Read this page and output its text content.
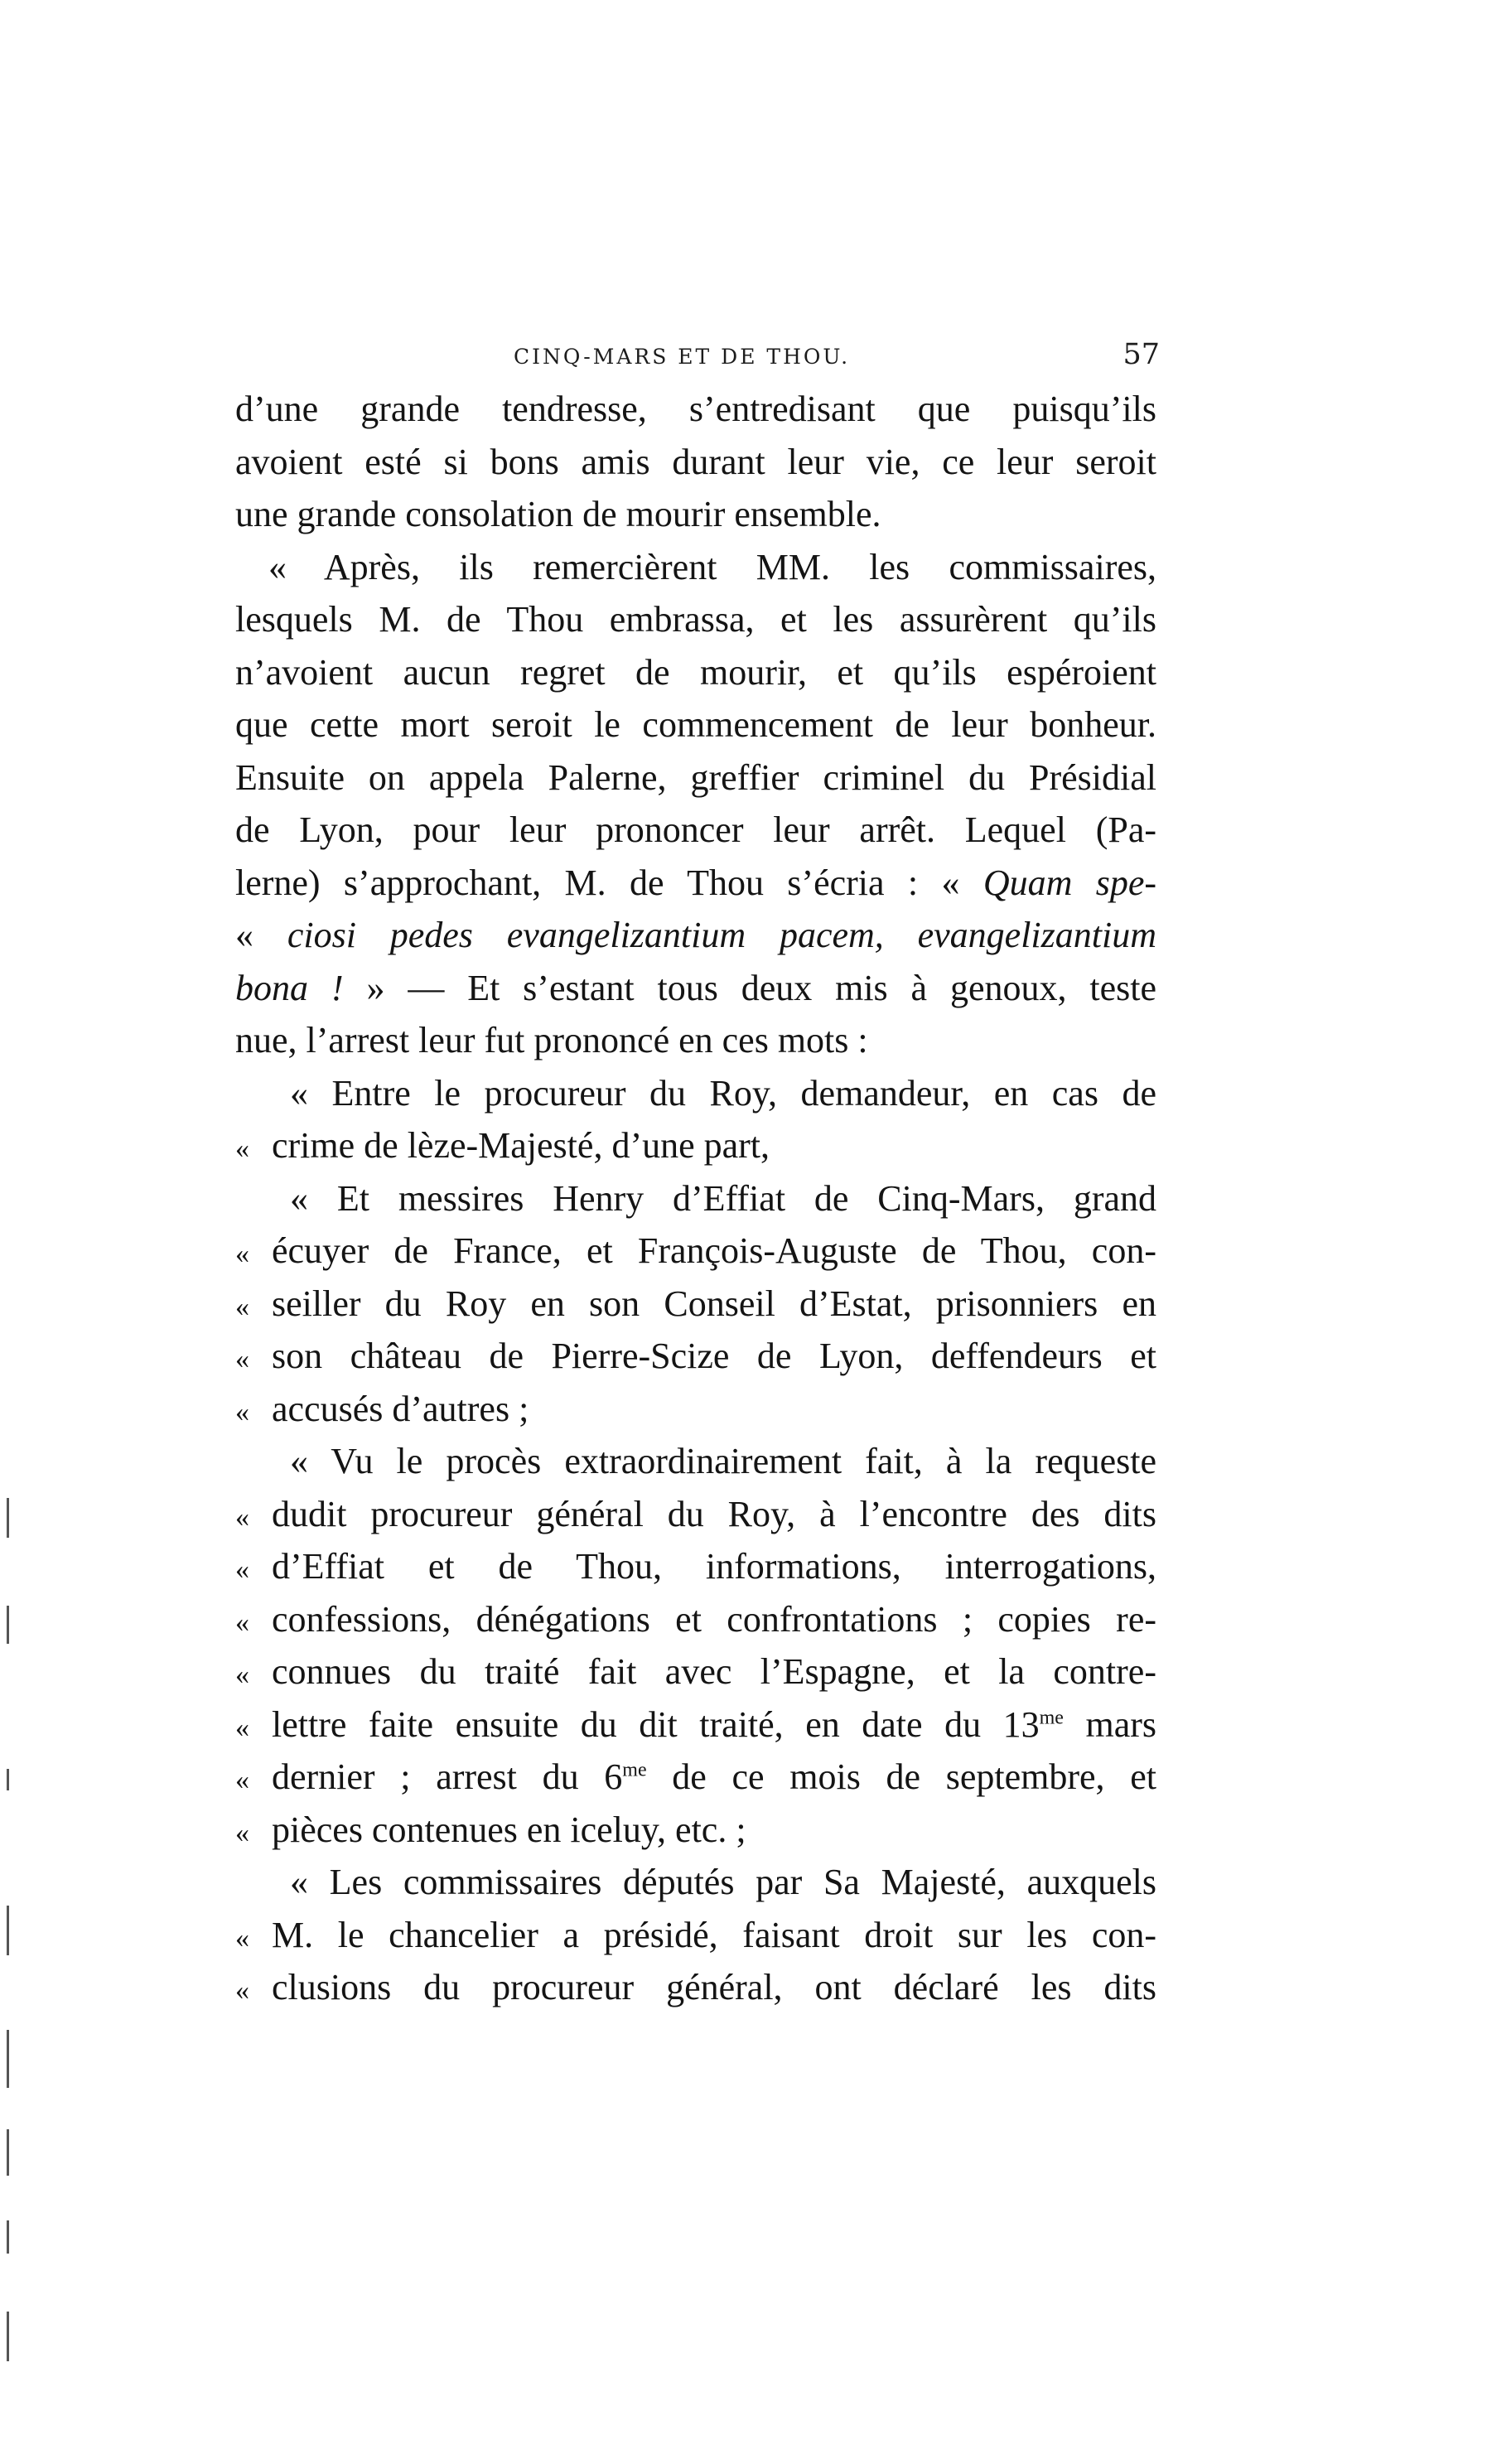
CINQ-MARS ET DE THOU.	57
d’une grande tendresse, s’entredisant que puisqu’ils
avoient esté si bons amis durant leur vie, ce leur seroit
une grande consolation de mourir ensemble.
« Après, ils remercièrent MM. les commissaires,
lesquels M. de Thou embrassa, et les assurèrent qu’ils
n’avoient aucun regret de mourir, et qu’ils espéroient
que cette mort seroit le commencement de leur bonheur.
Ensuite on appela Palerne, greffier criminel du Présidial
de Lyon, pour leur prononcer leur arrêt. Lequel (Pa-
lerne) s’approchant, M. de Thou s’écria : « Quam spe-
« ciosi pedes evangelizantium pacem, evangelizantium
bona ! » — Et s’estant tous deux mis à genoux, teste
nue, l’arrest leur fut prononcé en ces mots :
« Entre le procureur du Roy, demandeur, en cas de
« crime de lèze-Majesté, d’une part,
« Et messires Henry d’Effiat de Cinq-Mars, grand
« écuyer de France, et François-Auguste de Thou, con-
« seiller du Roy en son Conseil d’Estat, prisonniers en
« son château de Pierre-Scize de Lyon, deffendeurs et
« accusés d’autres ;
« Vu le procès extraordinairement fait, à la requeste
« dudit procureur général du Roy, à l’encontre des dits
« d’Effiat et de Thou, informations, interrogations,
« confessions, dénégations et confrontations ; copies re-
« connues du traité fait avec l’Espagne, et la contre-
« lettre faite ensuite du dit traité, en date du $13^{me}$ mars
« dernier ; arrest du $6^{me}$ de ce mois de septembre, et
« pièces contenues en iceluy, etc. ;
« Les commissaires députés par Sa Majesté, auxquels
« M. le chancelier a présidé, faisant droit sur les con-
« clusions du procureur général, ont déclaré les dits
